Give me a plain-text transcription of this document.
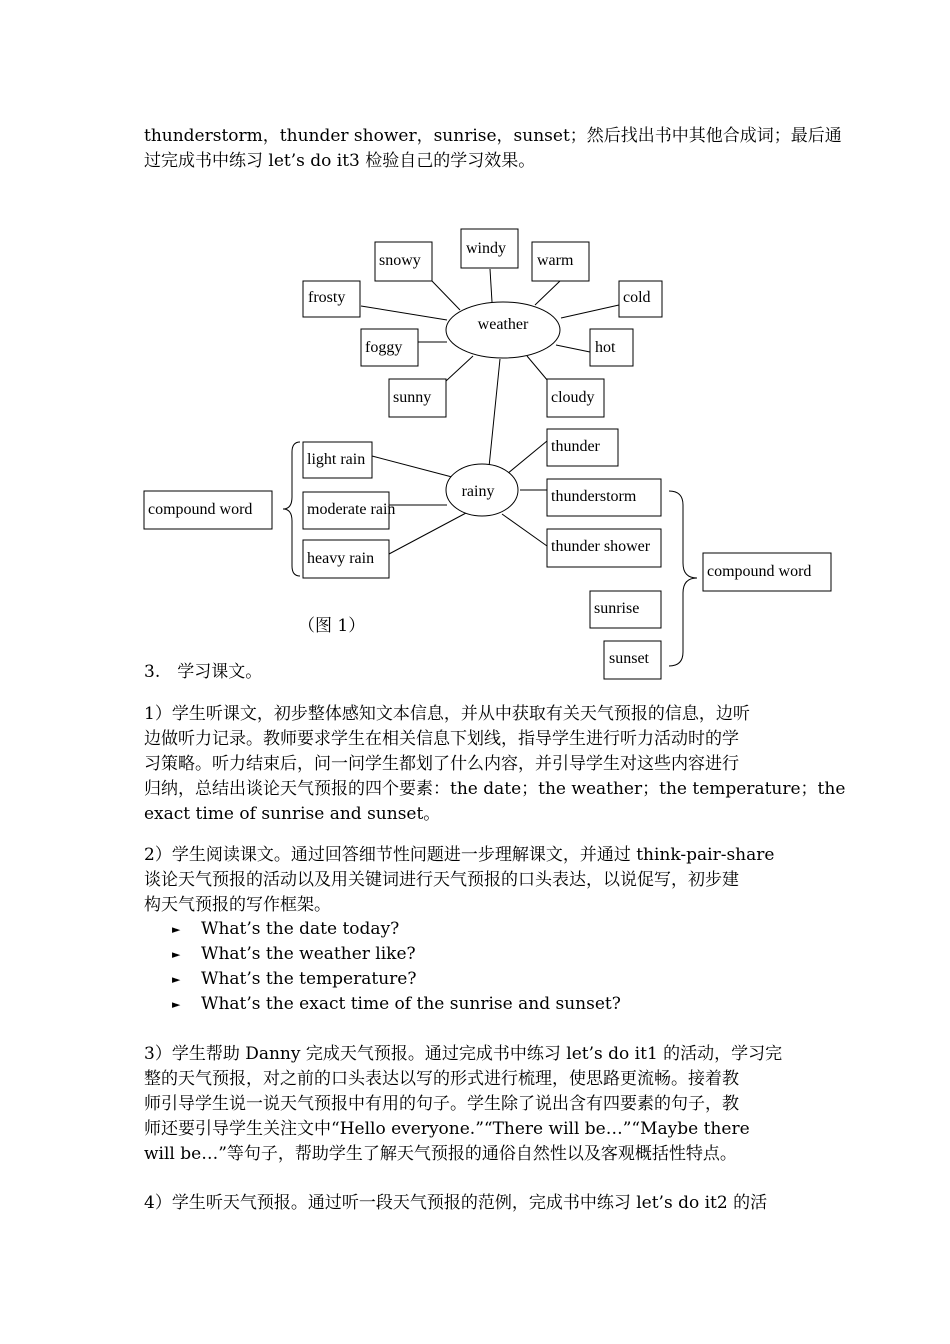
thunderstorm，thunder shower，sunrise，sunset；然后找出书中其他合成词；最后通
过完成书中练习 let’s do it3 检验自己的学习效果。
weather
rainy
windy
snowy	warm
frosty	cold
foggy	hot
sunny	cloudy
thunder
light rain
moderate rain
heavy rain
thunderstorm
thunder shower
sunrise
sunset
compound word
compound word
（图 1）
3.　学习课文。
1）学生听课文，初步整体感知文本信息，并从中获取有关天气预报的信息，边听
边做听力记录。教师要求学生在相关信息下划线，指导学生进行听力活动时的学
习策略。听力结束后，问一问学生都划了什么内容，并引导学生对这些内容进行
归纳，总结出谈论天气预报的四个要素：the date；the weather；the temperature；the
exact time of sunrise and sunset。
2）学生阅读课文。通过回答细节性问题进一步理解课文，并通过 think-pair-share
谈论天气预报的活动以及用关键词进行天气预报的口头表达，以说促写，初步建
构天气预报的写作框架。
► What’s the date today?
► What’s the weather like?
► What’s the temperature?
► What’s the exact time of the sunrise and sunset?
3）学生帮助 Danny 完成天气预报。通过完成书中练习 let’s do it1 的活动，学习完
整的天气预报，对之前的口头表达以写的形式进行梳理，使思路更流畅。接着教
师引导学生说一说天气预报中有用的句子。学生除了说出含有四要素的句子，教
师还要引导学生关注文中“Hello everyone.”“There will be…”“Maybe there
will be…”等句子，帮助学生了解天气预报的通俗自然性以及客观概括性特点。
4）学生听天气预报。通过听一段天气预报的范例，完成书中练习 let’s do it2 的活
